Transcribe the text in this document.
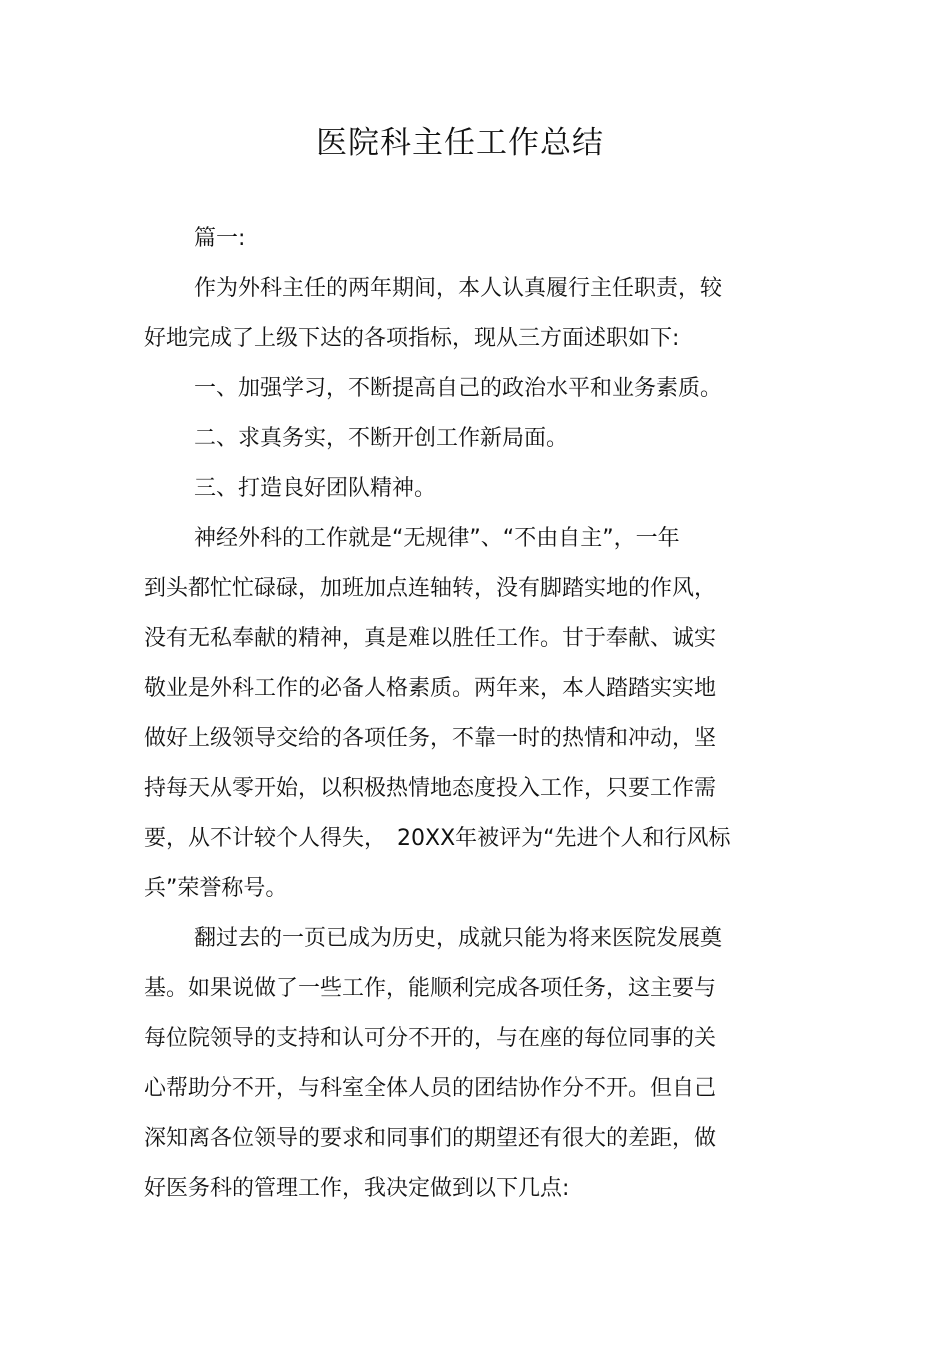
医院科主任工作总结
篇一:
作为外科主任的两年期间，本人认真履行主任职责，较
好地完成了上级下达的各项指标，现从三方面述职如下:
一、加强学习，不断提高自己的政治水平和业务素质。
二、求真务实，不断开创工作新局面。
三、打造良好团队精神。
神经外科的工作就是“无规律”、“不由自主”，一年
到头都忙忙碌碌，加班加点连轴转，没有脚踏实地的作风，
没有无私奉献的精神，真是难以胜任工作。甘于奉献、诚实
敬业是外科工作的必备人格素质。两年来，本人踏踏实实地
做好上级领导交给的各项任务，不靠一时的热情和冲动，坚
持每天从零开始，以积极热情地态度投入工作，只要工作需
要，从不计较个人得失，　20XX年被评为“先进个人和行风标
兵”荣誉称号。
翻过去的一页已成为历史，成就只能为将来医院发展奠
基。如果说做了一些工作，能顺利完成各项任务，这主要与
每位院领导的支持和认可分不开的，与在座的每位同事的关
心帮助分不开，与科室全体人员的团结协作分不开。但自己
深知离各位领导的要求和同事们的期望还有很大的差距，做
好医务科的管理工作，我决定做到以下几点:
